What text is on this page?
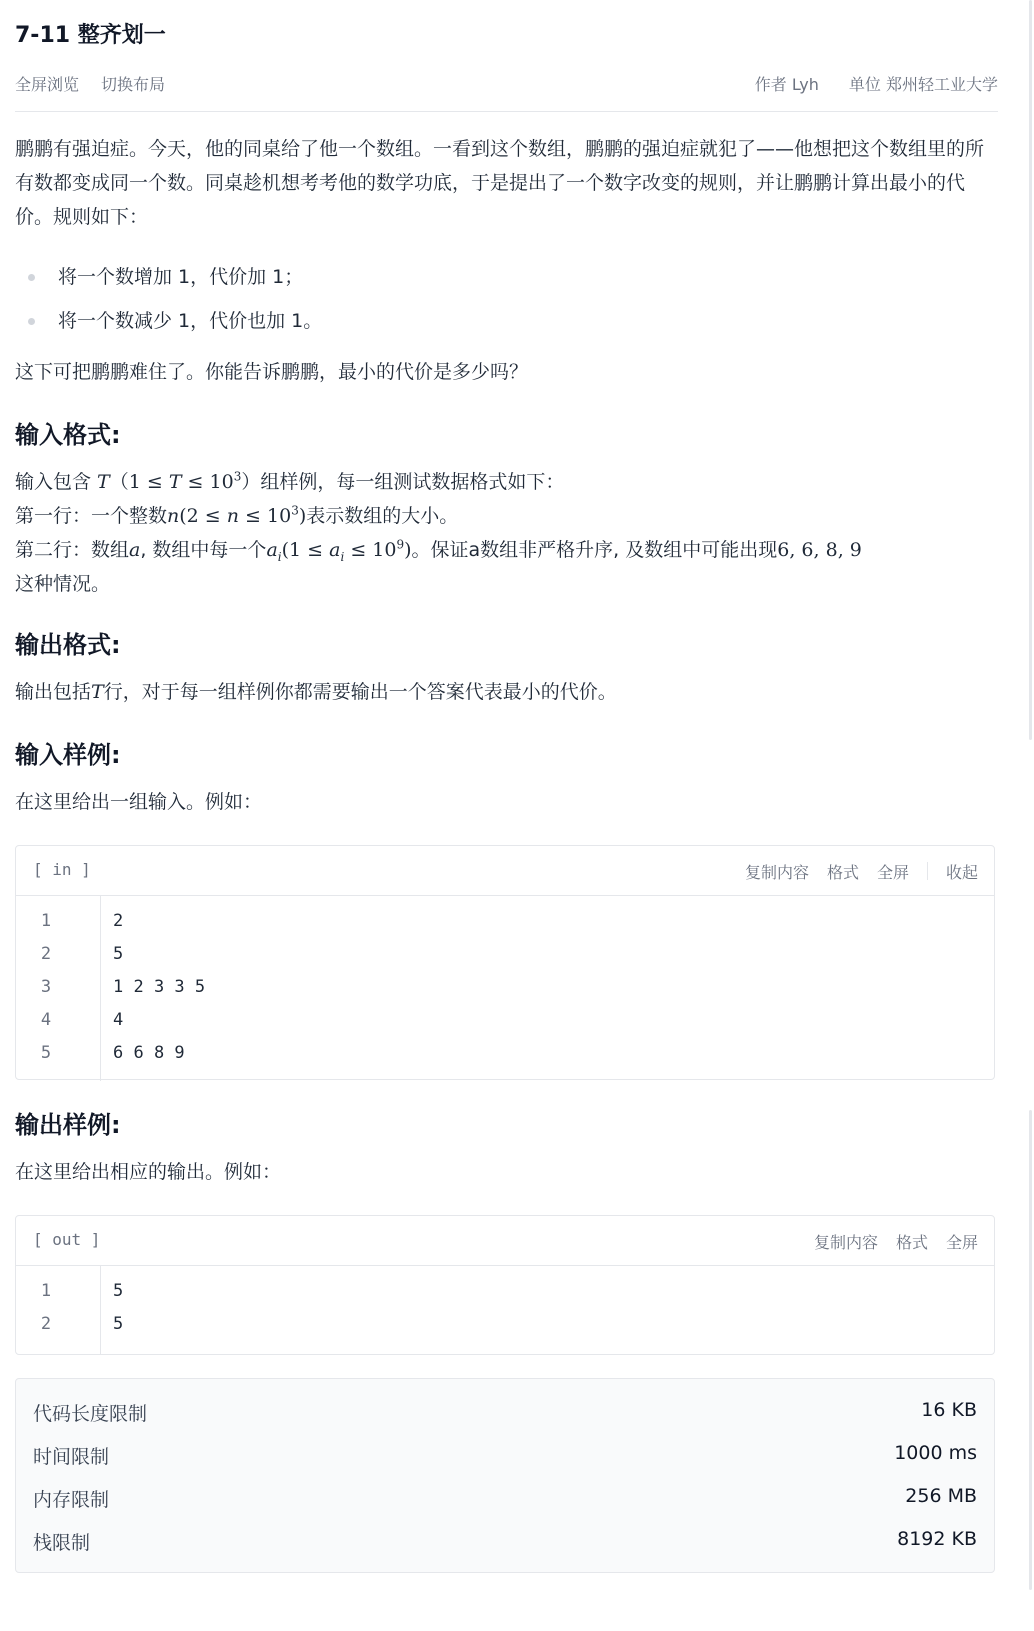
7-11 整齐划一
全屏浏览 切换布局	作者 Lyh 单位 郑州轻工业大学
鹏鹏有强迫症。今天，他的同桌给了他一个数组。一看到这个数组，鹏鹏的强迫症就犯了——他想把这个数组里的所有数都变成同一个数。同桌趁机想考考他的数学功底，于是提出了一个数字改变的规则，并让鹏鹏计算出最小的代价。规则如下：
将一个数增加 1，代价加 1；
将一个数减少 1，代价也加 1。
这下可把鹏鹏难住了。你能告诉鹏鹏，最小的代价是多少吗？
输入格式:
输入包含 $T(1 \le T \le 10^3)$组样例，每一组测试数据格式如下：
第一行：一个整数$n(2 \le n \le 10^3)$表示数组的大小。
第二行：数组a, 数组中每一个$a_i(1 \le a_i \le 10^9)$。保证a数组非严格升序, 及数组中可能出现6, 6, 8, 9
这种情况。
输出格式:
输出包括T行，对于每一组样例你都需要输出一个答案代表最小的代价。
输入样例:
在这里给出一组输入。例如：
[ in ]	复制内容 格式 全屏 收起
1	2
2	5
3	1 2 3 3 5
4	4
5	6 6 8 9
输出样例:
在这里给出相应的输出。例如：
[ out ]	复制内容 格式 全屏
1	5
2	5
代码长度限制	16 KB
时间限制	1000 ms
内存限制	256 MB
栈限制	8192 KB
